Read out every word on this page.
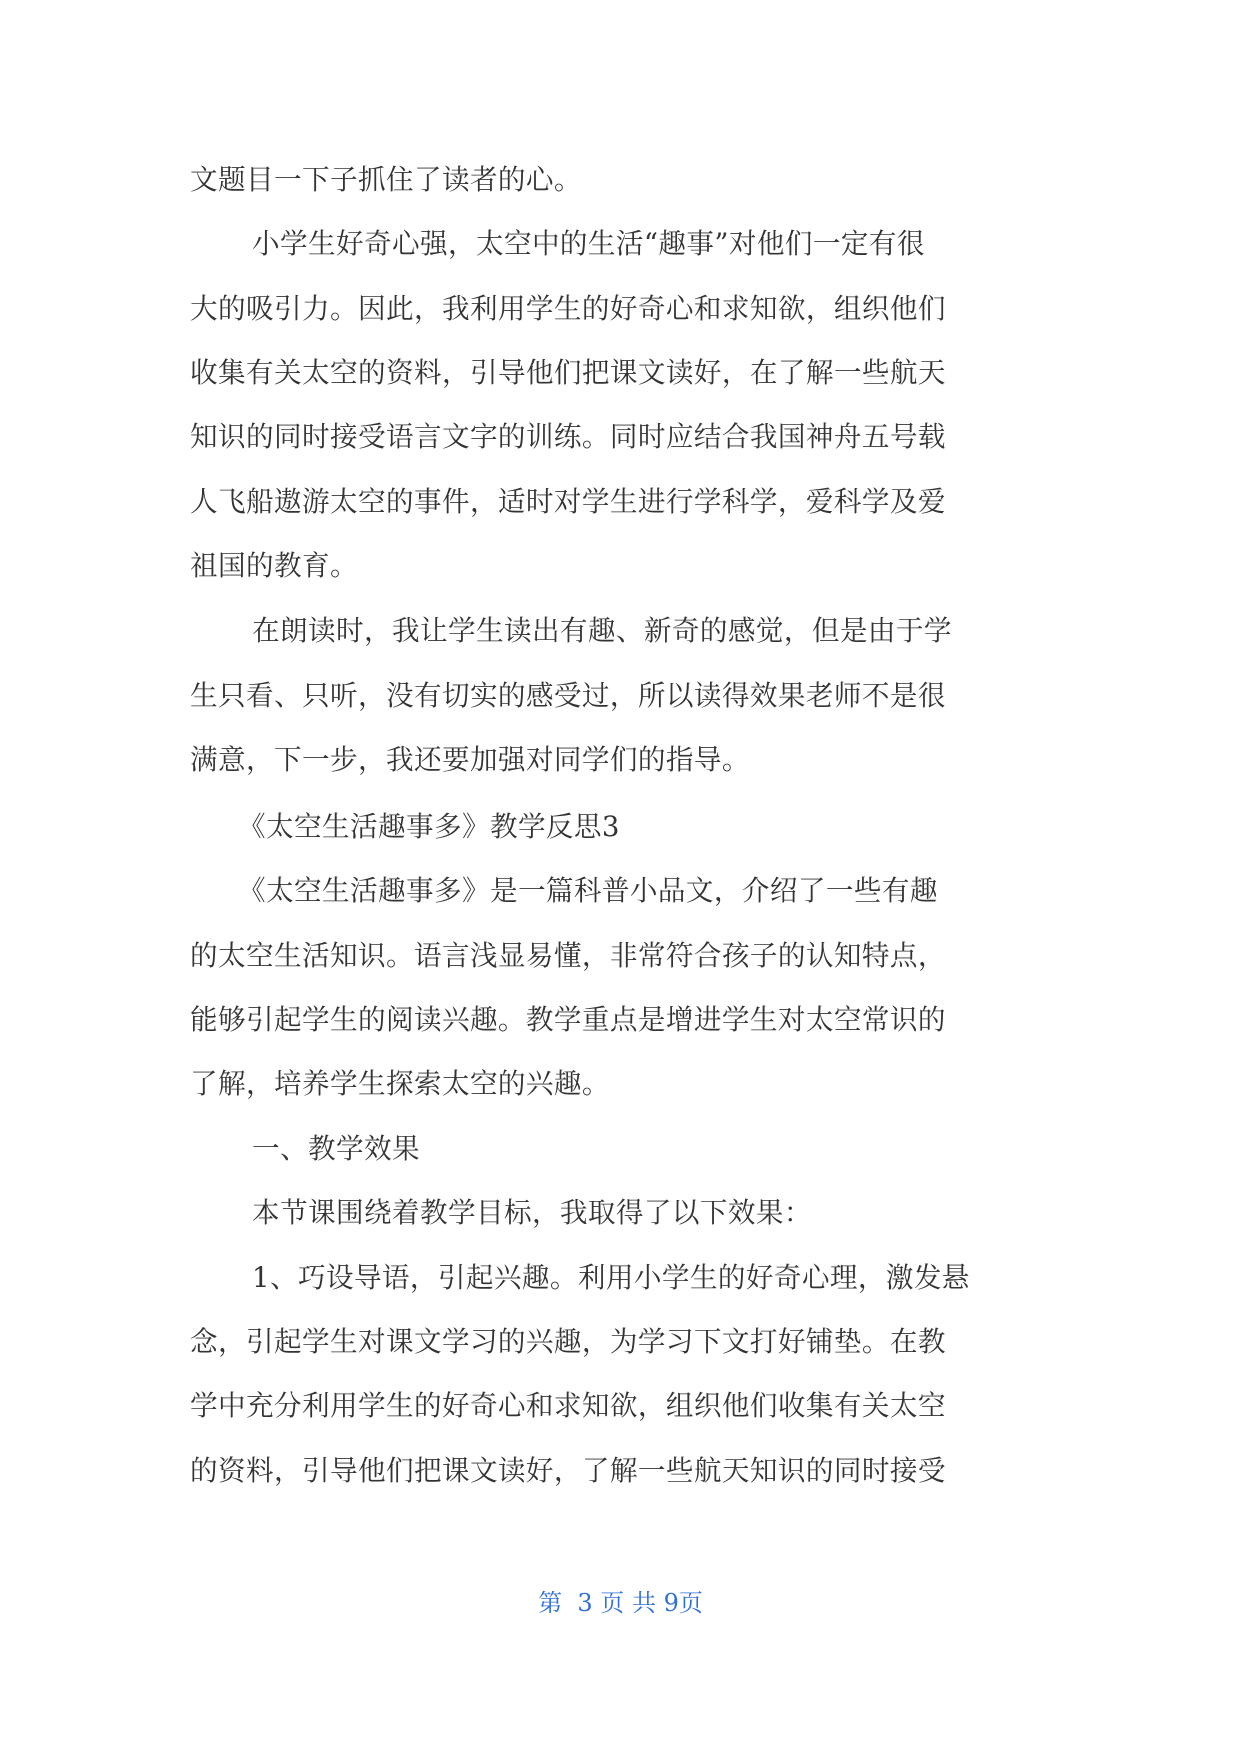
文题目一下子抓住了读者的心。
小学生好奇心强，太空中的生活“趣事”对他们一定有很
大的吸引力。因此，我利用学生的好奇心和求知欲，组织他们
收集有关太空的资料，引导他们把课文读好，在了解一些航天
知识的同时接受语言文字的训练。同时应结合我国神舟五号载
人飞船遨游太空的事件，适时对学生进行学科学，爱科学及爱
祖国的教育。
在朗读时，我让学生读出有趣、新奇的感觉，但是由于学
生只看、只听，没有切实的感受过，所以读得效果老师不是很
满意，下一步，我还要加强对同学们的指导。
《太空生活趣事多》教学反思3
《太空生活趣事多》是一篇科普小品文，介绍了一些有趣
的太空生活知识。语言浅显易懂，非常符合孩子的认知特点，
能够引起学生的阅读兴趣。教学重点是增进学生对太空常识的
了解，培养学生探索太空的兴趣。
一、教学效果
本节课围绕着教学目标，我取得了以下效果：
1、巧设导语，引起兴趣。利用小学生的好奇心理，激发悬
念，引起学生对课文学习的兴趣，为学习下文打好铺垫。在教
学中充分利用学生的好奇心和求知欲，组织他们收集有关太空
的资料，引导他们把课文读好，了解一些航天知识的同时接受
第  3 页 共 9页
